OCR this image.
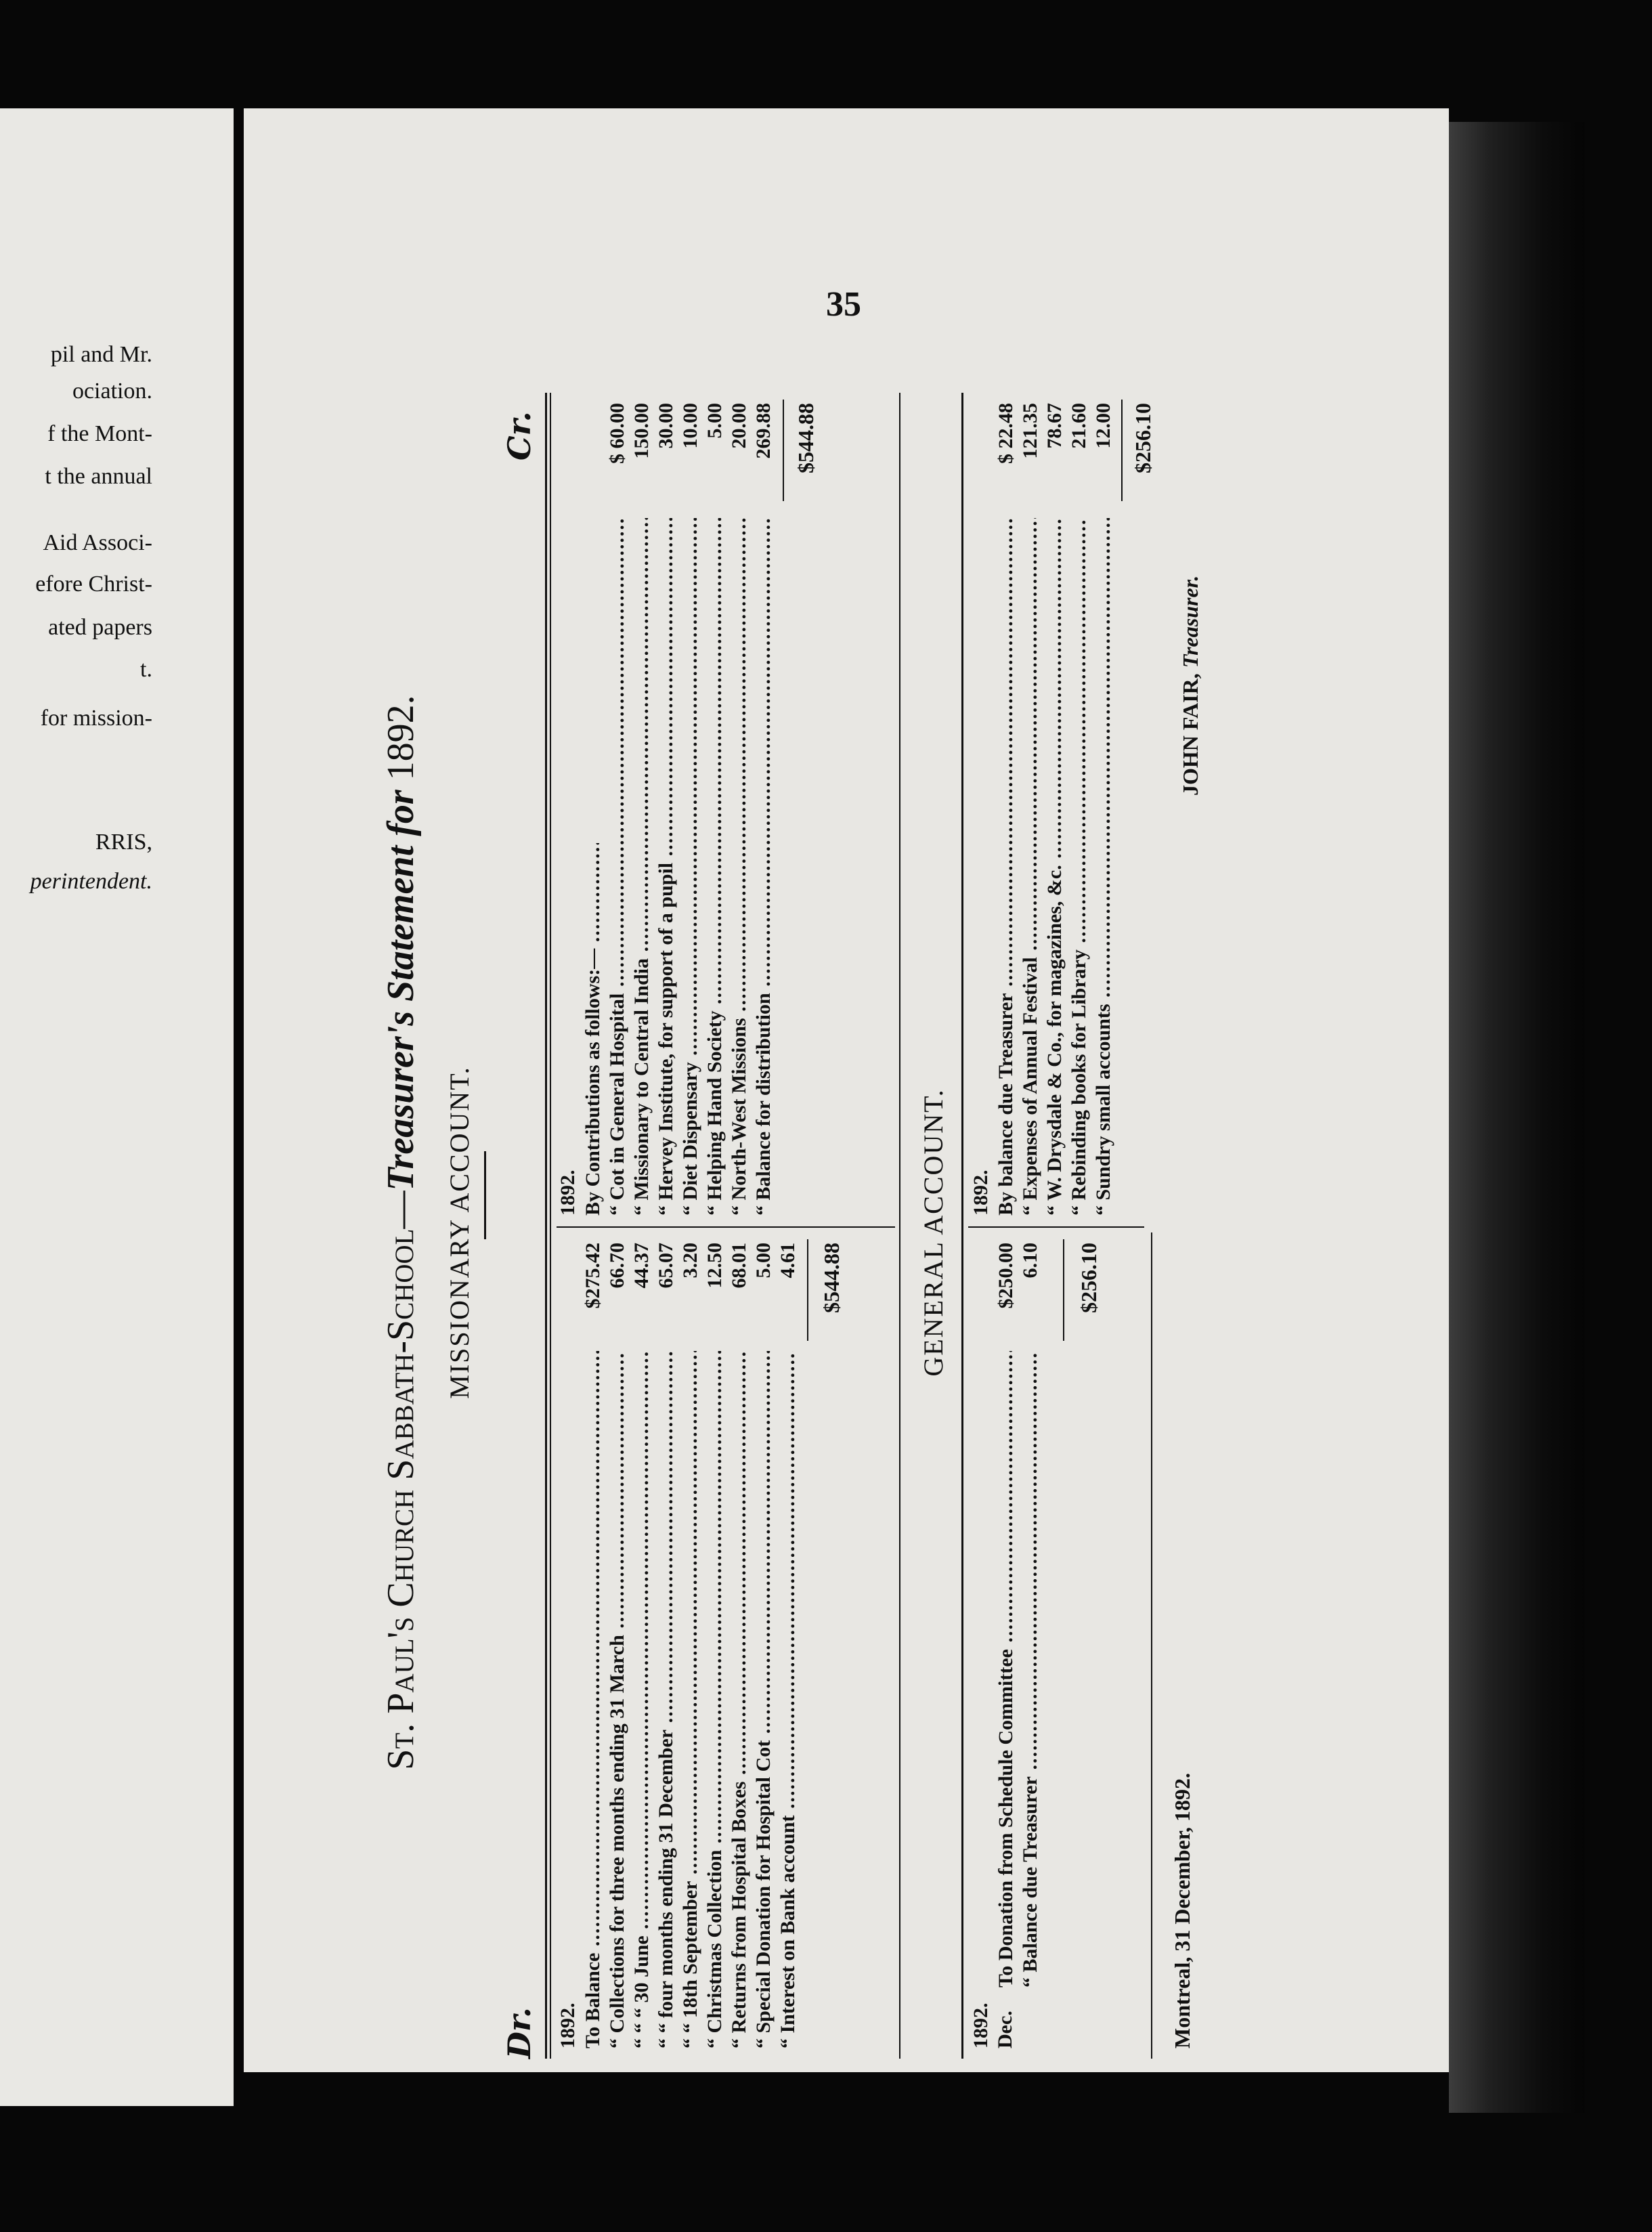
pil and Mr.
ociation.
f the Mont-
t the annual
Aid Associ-
efore Christ-
ated papers
t.
for mission-
RRIS,
perintendent.
35
St. Paul's Church Sabbath-School—Treasurer's Statement for 1892.
MISSIONARY ACCOUNT.
Dr.
Cr.
1892. To Balance .....
$275.42
“ Collections for three months ending 31 March .....
66.70
“ “ “ 30 June .....
44.37
“ “ four months ending 31 December .....
65.07
“ “ 18th September .....
3.20
“ Christmas Collection .....
12.50
“ Returns from Hospital Boxes .....
68.01
“ Special Donation for Hospital Cot .....
5.00
“ Interest on Bank account .....
4.61 $544.88
1892. By Contributions as follows:— ..... “ Cot in General Hospital .....
$ 60.00
“ Missionary to Central India .....
150.00
“ Hervey Institute, for support of a pupil .....
30.00
“ Diet Dispensary .....
10.00
“ Helping Hand Society .....
5.00
“ North-West Missions .....
20.00
“ Balance for distribution .....
269.88 $544.88
GENERAL ACCOUNT.
1892. Dec.
To Donation from Schedule Committee .....
$250.00
“ Balance due Treasurer .....
6.10 $256.10
1892. By balance due Treasurer .....
$ 22.48
“ Expenses of Annual Festival .....
121.35
“ W. Drysdale & Co., for magazines, &c. .....
78.67
“ Rebinding books for Library .....
21.60
“ Sundry small accounts .....
12.00 $256.10
Montreal, 31 December, 1892.
JOHN FAIR, Treasurer.
